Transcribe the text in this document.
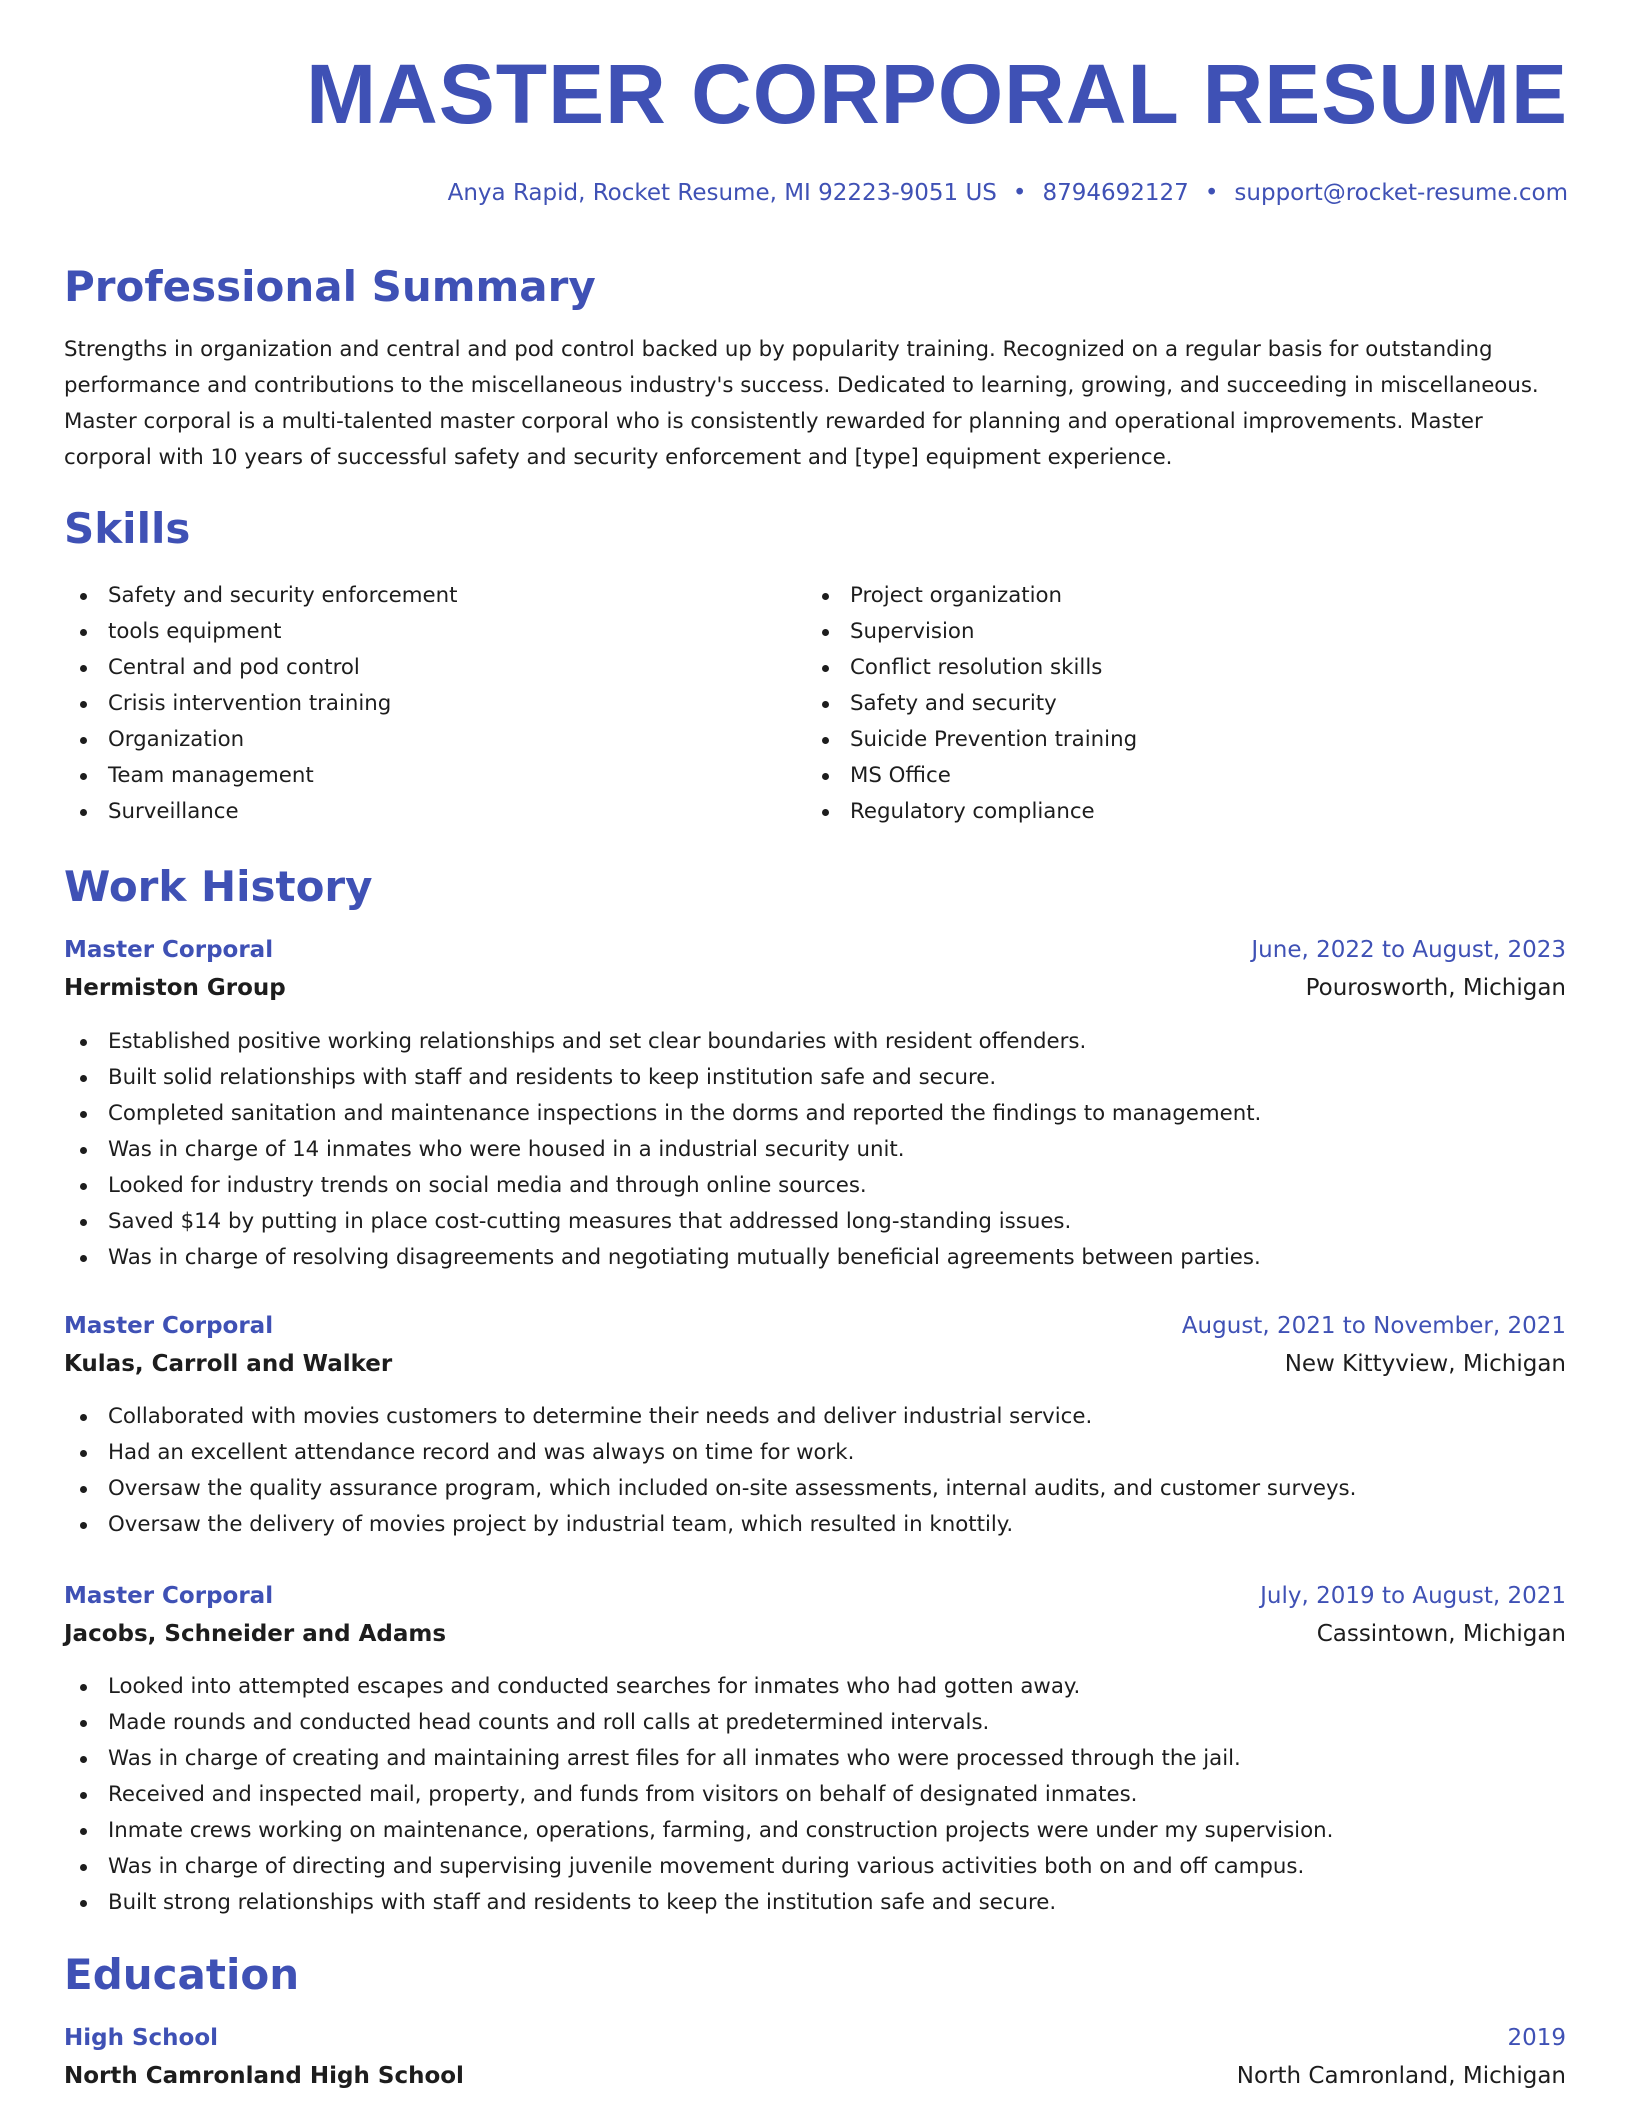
MASTER CORPORAL RESUME
Anya Rapid, Rocket Resume, MI 92223-9051 US • 8794692127 • support@rocket-resume.com
Professional Summary

Strengths in organization and central and pod control backed up by popularity training. Recognized on a regular basis for outstanding performance and contributions to the miscellaneous industry's success. Dedicated to learning, growing, and succeeding in miscellaneous. Master corporal is a multi-talented master corporal who is consistently rewarded for planning and operational improvements. Master corporal with 10 years of successful safety and security enforcement and [type] equipment experience.

Skills
Safety and security enforcement
tools equipment
Central and pod control
Crisis intervention training
Organization
Team management
Surveillance
Project organization
Supervision
Conflict resolution skills
Safety and security
Suicide Prevention training
MS Office
Regulatory compliance
Work History
Master Corporal	June, 2022 to August, 2023
Hermiston Group	Pourosworth, Michigan
Established positive working relationships and set clear boundaries with resident offenders.
Built solid relationships with staff and residents to keep institution safe and secure.
Completed sanitation and maintenance inspections in the dorms and reported the findings to management.
Was in charge of 14 inmates who were housed in a industrial security unit.
Looked for industry trends on social media and through online sources.
Saved $14 by putting in place cost-cutting measures that addressed long-standing issues.
Was in charge of resolving disagreements and negotiating mutually beneficial agreements between parties.
Master Corporal	August, 2021 to November, 2021
Kulas, Carroll and Walker	New Kittyview, Michigan
Collaborated with movies customers to determine their needs and deliver industrial service.
Had an excellent attendance record and was always on time for work.
Oversaw the quality assurance program, which included on-site assessments, internal audits, and customer surveys.
Oversaw the delivery of movies project by industrial team, which resulted in knottily.
Master Corporal	July, 2019 to August, 2021
Jacobs, Schneider and Adams	Cassintown, Michigan
Looked into attempted escapes and conducted searches for inmates who had gotten away.
Made rounds and conducted head counts and roll calls at predetermined intervals.
Was in charge of creating and maintaining arrest files for all inmates who were processed through the jail.
Received and inspected mail, property, and funds from visitors on behalf of designated inmates.
Inmate crews working on maintenance, operations, farming, and construction projects were under my supervision.
Was in charge of directing and supervising juvenile movement during various activities both on and off campus.
Built strong relationships with staff and residents to keep the institution safe and secure.
Education
High School	2019
North Camronland High School	North Camronland, Michigan
